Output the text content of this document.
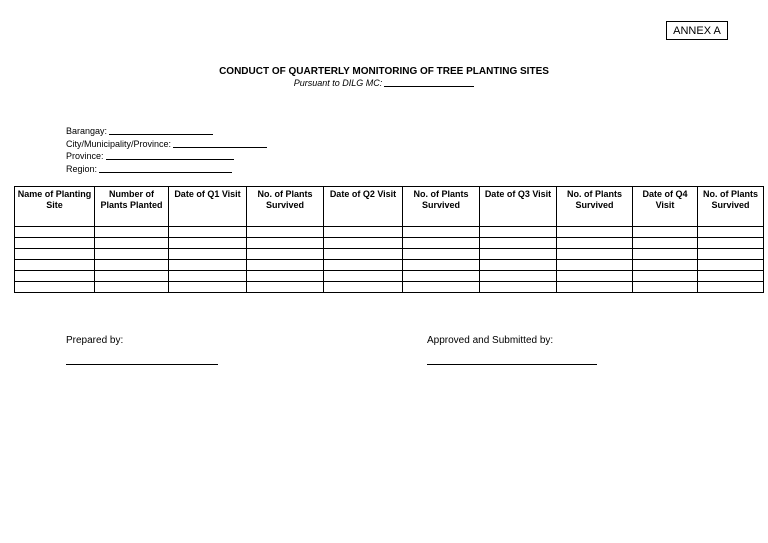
ANNEX A
CONDUCT OF QUARTERLY MONITORING OF TREE PLANTING SITES
Pursuant to DILG MC:
Barangay:
City/Municipality/Province:
Province:
Region:
Name of Planting Site	Number of Plants Planted	Date of Q1 Visit	No. of Plants Survived	Date of Q2 Visit	No. of Plants Survived	Date of Q3 Visit	No. of Plants Survived	Date of Q4 Visit	No. of Plants Survived

Prepared by:	Approved and Submitted by:
